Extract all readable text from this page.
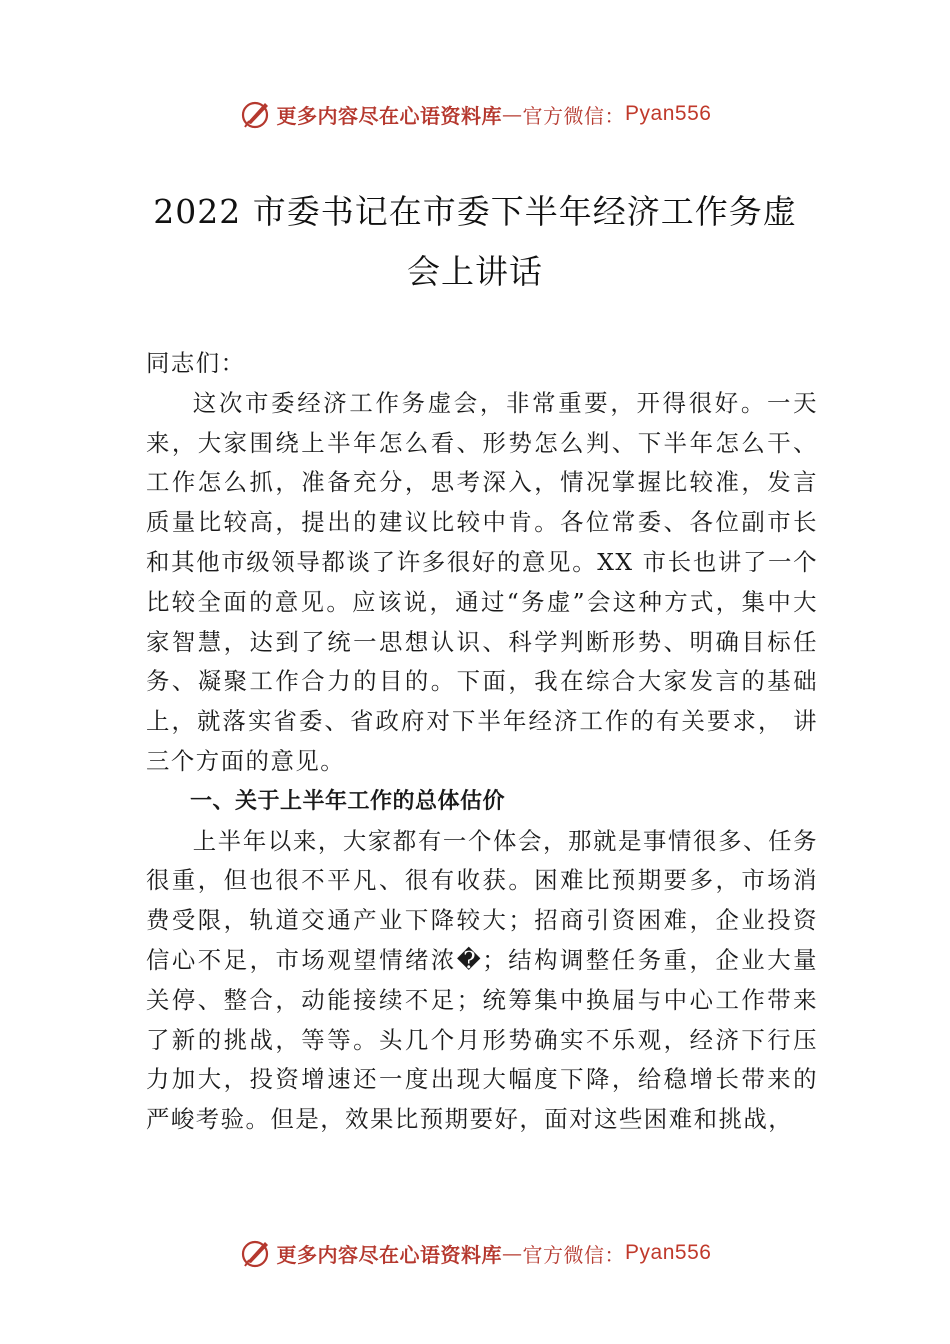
更多内容尽在心语资料库 — 官方微信： Pyan556
2022 市委书记在市委下半年经济工作务虚
会上讲话

同志们：

这次市委经济工作务虚会，非常重要，开得很好。一天来，大家围绕上半年怎么看、形势怎么判、下半年怎么干、 工作怎么抓，准备充分，思考深入，情况掌握比较准，发言质量比较高，提出的建议比较中肯。各位常委、各位副市长和其他市级领导都谈了许多很好的意见。XX 市长也讲了一个比较全面的意见。应该说，通过“务虚”会这种方式，集中大家智慧，达到了统一思想认识、科学判断形势、明确目标任务、凝聚工作合力的目的。下面，我在综合大家发言的基础上，就落实省委、省政府对下半年经济工作的有关要求， 讲三个方面的意见。

一、关于上半年工作的总体估价

上半年以来，大家都有一个体会，那就是事情很多、任务很重，但也很不平凡、很有收获。困难比预期要多，市场消费受限，轨道交通产业下降较大；招商引资困难，企业投资信心不足，市场观望情绪浓�；结构调整任务重，企业大量关停、整合，动能接续不足；统筹集中换届与中心工作带来了新的挑战，等等。头几个月形势确实不乐观，经济下行压力加大，投资增速还一度出现大幅度下降，给稳增长带来的严峻考验。但是，效果比预期要好，面对这些困难和挑战，

更多内容尽在心语资料库 — 官方微信： Pyan556
